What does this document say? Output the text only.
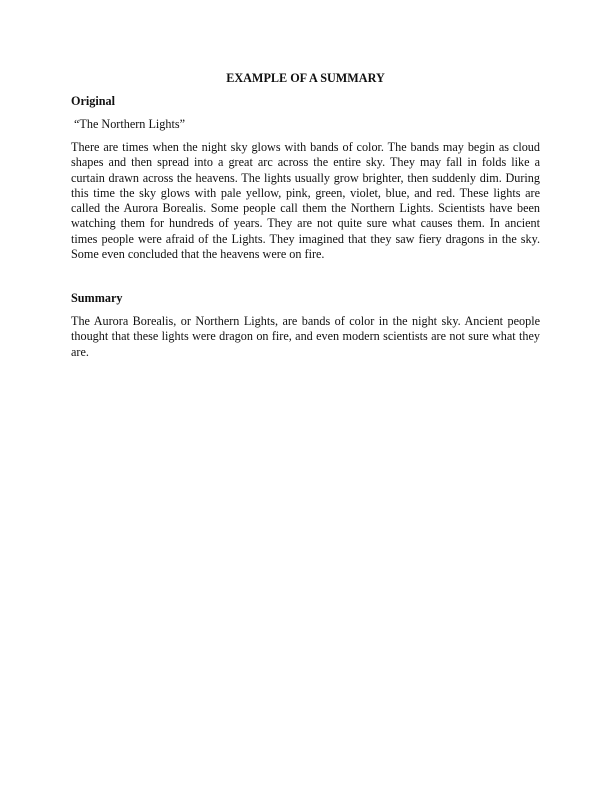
EXAMPLE OF A SUMMARY
Original
“The Northern Lights”
There are times when the night sky glows with bands of color. The bands may begin as cloud shapes and then spread into a great arc across the entire sky. They may fall in folds like a curtain drawn across the heavens. The lights usually grow brighter, then suddenly dim. During this time the sky glows with pale yellow, pink, green, violet, blue, and red. These lights are called the Aurora Borealis. Some people call them the Northern Lights. Scientists have been watching them for hundreds of years. They are not quite sure what causes them. In ancient times people were afraid of the Lights. They imagined that they saw fiery dragons in the sky. Some even concluded that the heavens were on fire.
Summary
The Aurora Borealis, or Northern Lights, are bands of color in the night sky. Ancient people thought that these lights were dragon on fire, and even modern scientists are not sure what they are.
